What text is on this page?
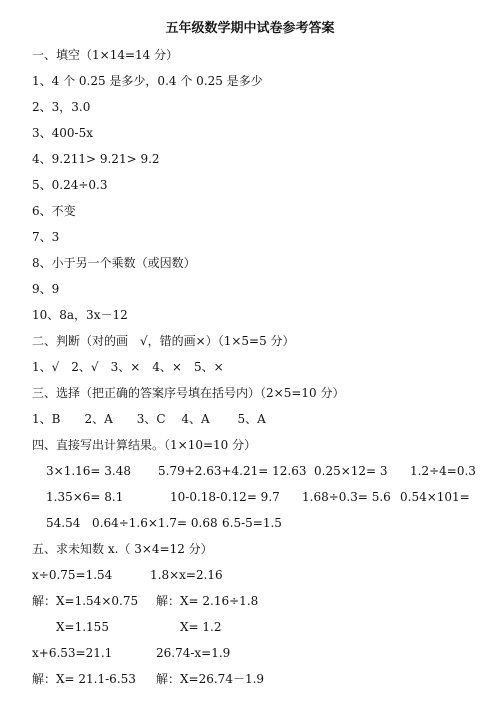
五年级数学期中试卷参考答案
一、填空（1×14=14 分）
1、4 个 0.25 是多少，0.4 个 0.25 是多少
2、3，3.0
3、400-5x
4、9.211> 9.21> 9.2
5、0.24÷0.3
6、不变
7、3
8、小于另一个乘数（或因数）
9、9
10、8a，3x－12
二、判断（对的画　√，错的画×）（1×5=5 分）
1、√　2、√　3、×　4、×　5、×
三、选择（把正确的答案序号填在括号内）（2×5=10 分）
1、B　　2、A　　3、C　 4、A　　 5、A
四、直接写出计算结果。（1×10=10 分）
3×1.16= 3.48 5.79+2.63+4.21= 12.63 0.25×12= 3 1.2÷4=0.3
1.35×6= 8.1	10-0.18-0.12= 9.7 1.68÷0.3= 5.6 0.54×101=
54.54 0.64÷1.6×1.7= 0.68 6.5-5=1.5
五、求未知数 x.（ 3×4=12 分）
x÷0.75=1.54	1.8×x=2.16
解：X=1.54×0.75 解：X= 2.16÷1.8
X=1.155	X= 1.2
x+6.53=21.1	26.74-x=1.9
解：X= 21.1-6.53 解：X=26.74－1.9
